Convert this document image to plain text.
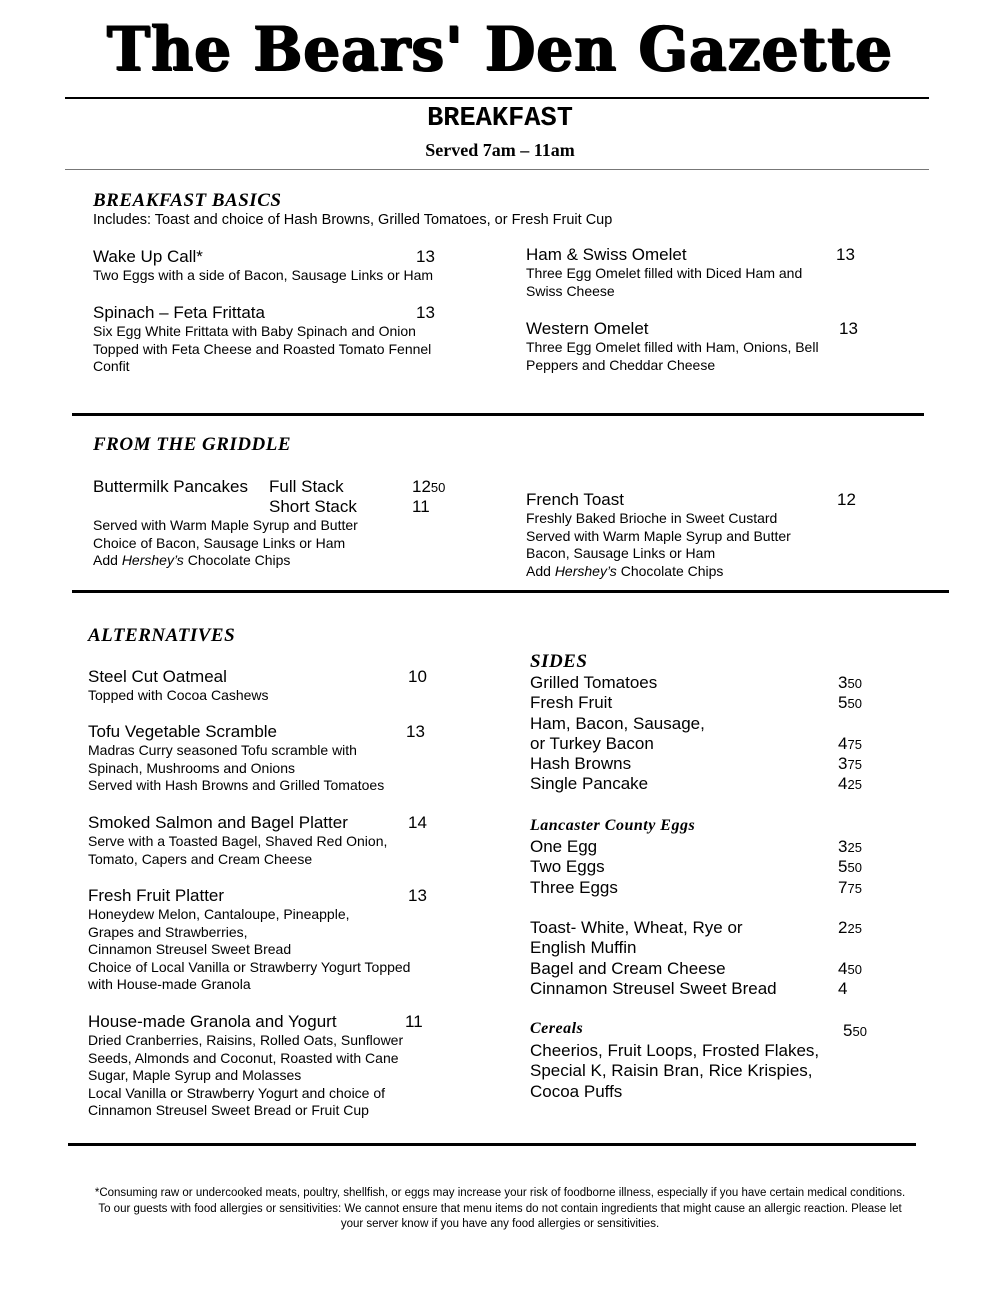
The Bears' Den Gazette
BREAKFAST
Served 7am – 11am
BREAKFAST BASICS
Includes: Toast and choice of Hash Browns, Grilled Tomatoes, or Fresh Fruit Cup
Wake Up Call*	13
Two Eggs with a side of Bacon, Sausage Links or Ham
Spinach – Feta Frittata	13
Six Egg White Frittata with Baby Spinach and Onion
Topped with Feta Cheese and Roasted Tomato Fennel
Confit
Ham & Swiss Omelet	13
Three Egg Omelet filled with Diced Ham and
Swiss Cheese
Western Omelet	13
Three Egg Omelet filled with Ham, Onions, Bell
Peppers and Cheddar Cheese
FROM THE GRIDDLE
Buttermilk Pancakes Full Stack	1250
Short Stack	11
Served with Warm Maple Syrup and Butter
Choice of Bacon, Sausage Links or Ham
Add Hershey’s Chocolate Chips
French Toast	12
Freshly Baked Brioche in Sweet Custard
Served with Warm Maple Syrup and Butter
Bacon, Sausage Links or Ham
Add Hershey’s Chocolate Chips
ALTERNATIVES
Steel Cut Oatmeal	10
Topped with Cocoa Cashews
Tofu Vegetable Scramble	13
Madras Curry seasoned Tofu scramble with
Spinach, Mushrooms and Onions
Served with Hash Browns and Grilled Tomatoes
Smoked Salmon and Bagel Platter	14
Serve with a Toasted Bagel, Shaved Red Onion,
Tomato, Capers and Cream Cheese
Fresh Fruit Platter	13
Honeydew Melon, Cantaloupe, Pineapple,
Grapes and Strawberries,
Cinnamon Streusel Sweet Bread
Choice of Local Vanilla or Strawberry Yogurt Topped
with House-made Granola
House-made Granola and Yogurt	11
Dried Cranberries, Raisins, Rolled Oats, Sunflower
Seeds, Almonds and Coconut, Roasted with Cane
Sugar, Maple Syrup and Molasses
Local Vanilla or Strawberry Yogurt and choice of
Cinnamon Streusel Sweet Bread or Fruit Cup
SIDES
Grilled Tomatoes	350
Fresh Fruit	550
Ham, Bacon, Sausage,
or Turkey Bacon	475
Hash Browns	375
Single Pancake	425
Lancaster County Eggs
One Egg	325
Two Eggs	550
Three Eggs	775
Toast- White, Wheat, Rye or	225
English Muffin
Bagel and Cream Cheese	450
Cinnamon Streusel Sweet Bread	4
Cereals	550
Cheerios, Fruit Loops, Frosted Flakes,
Special K, Raisin Bran, Rice Krispies,
Cocoa Puffs
*Consuming raw or undercooked meats, poultry, shellfish, or eggs may increase your risk of foodborne illness, especially if you have certain medical conditions.
To our guests with food allergies or sensitivities: We cannot ensure that menu items do not contain ingredients that might cause an allergic reaction. Please let
your server know if you have any food allergies or sensitivities.
